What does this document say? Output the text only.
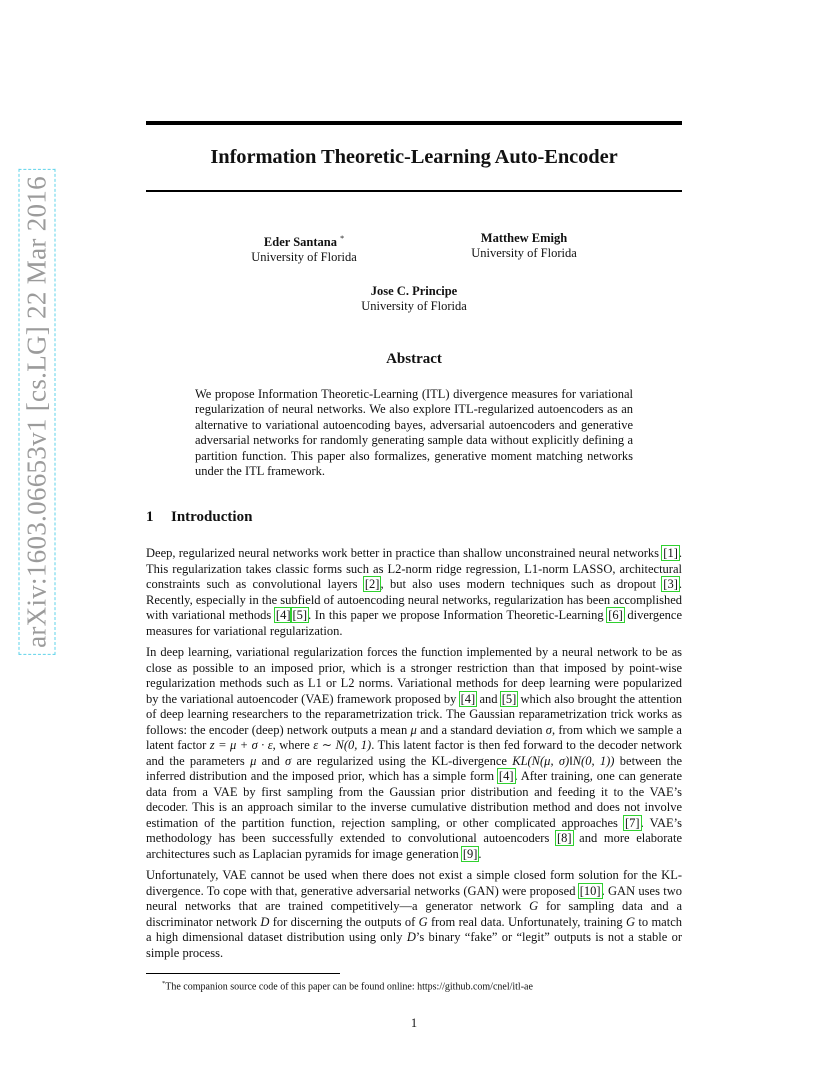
arXiv:1603.06653v1 [cs.LG] 22 Mar 2016
Information Theoretic-Learning Auto-Encoder
Eder Santana *
University of Florida
Matthew Emigh
University of Florida
Jose C. Principe
University of Florida
Abstract
We propose Information Theoretic-Learning (ITL) divergence measures for variational regularization of neural networks. We also explore ITL-regularized autoencoders as an alternative to variational autoencoding bayes, adversarial autoencoders and generative adversarial networks for randomly generating sample data without explicitly defining a partition function. This paper also formalizes, generative moment matching networks under the ITL framework.
1 Introduction

Deep, regularized neural networks work better in practice than shallow unconstrained neural networks [1]. This regularization takes classic forms such as L2-norm ridge regression, L1-norm LASSO, architectural constraints such as convolutional layers [2], but also uses modern techniques such as dropout [3]. Recently, especially in the subfield of autoencoding neural networks, regularization has been accomplished with variational methods [4] [5]. In this paper we propose Information Theoretic-Learning [6] divergence measures for variational regularization.

In deep learning, variational regularization forces the function implemented by a neural network to be as close as possible to an imposed prior, which is a stronger restriction than that imposed by point-wise regularization methods such as L1 or L2 norms. Variational methods for deep learning were popularized by the variational autoencoder (VAE) framework proposed by [4] and [5] which also brought the attention of deep learning researchers to the reparametrization trick. The Gaussian reparametrization trick works as follows: the encoder (deep) network outputs a mean μ and a standard deviation σ, from which we sample a latent factor z = μ + σ · ε, where ε ∼ N(0, 1). This latent factor is then fed forward to the decoder network and the parameters μ and σ are regularized using the KL-divergence KL(N(μ, σ)‖N(0, 1)) between the inferred distribution and the imposed prior, which has a simple form [4]. After training, one can generate data from a VAE by first sampling from the Gaussian prior distribution and feeding it to the VAE’s decoder. This is an approach similar to the inverse cumulative distribution method and does not involve estimation of the partition function, rejection sampling, or other complicated approaches [7]. VAE’s methodology has been successfully extended to convolutional autoencoders [8] and more elaborate architectures such as Laplacian pyramids for image generation [9].

Unfortunately, VAE cannot be used when there does not exist a simple closed form solution for the KL-divergence. To cope with that, generative adversarial networks (GAN) were proposed [10]. GAN uses two neural networks that are trained competitively—a generator network G for sampling data and a discriminator network D for discerning the outputs of G from real data. Unfortunately, training G to match a high dimensional dataset distribution using only D’s binary “fake” or “legit” outputs is not a stable or simple process.

*The companion source code of this paper can be found online: https://github.com/cnel/itl-ae
1
